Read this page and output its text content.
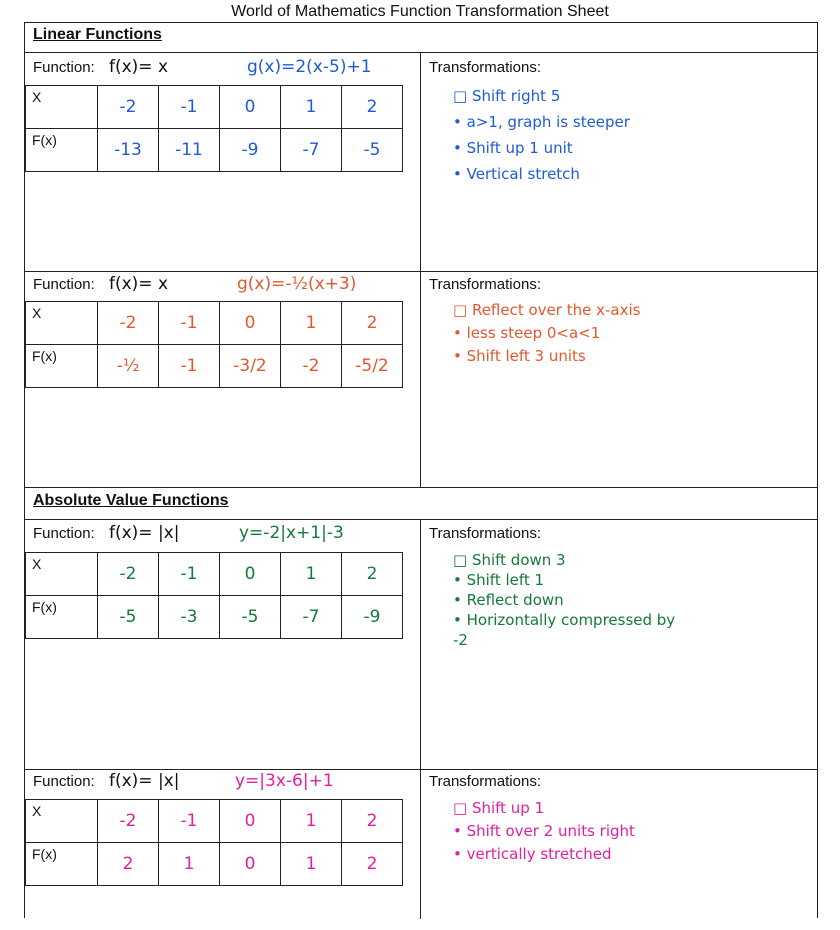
World of Mathematics Function Transformation Sheet
Linear Functions
Function: f(x)= x	g(x)=2(x-5)+1	Transformations:
X	-2	-1	0	1	2
F(x)	-13	-11	-9	-7	-5
□ Shift right 5
• a>1, graph is steeper
• Shift up 1 unit
• Vertical stretch
Function: f(x)= x	g(x)=-½(x+3)	Transformations:
X	-2	-1	0	1	2
F(x)	-½	-1	-3/2	-2	-5/2
□ Reflect over the x-axis
• less steep 0<a<1
• Shift left 3 units
Absolute Value Functions
Function: f(x)= |x|	y=-2|x+1|-3	Transformations:
X	-2	-1	0	1	2
F(x)	-5	-3	-5	-7	-9
□ Shift down 3
• Shift left 1
• Reflect down
• Horizontally compressed by
-2
Function: f(x)= |x|	y=|3x-6|+1	Transformations:
X	-2	-1	0	1	2
F(x)	2	1	0	1	2
□ Shift up 1
• Shift over 2 units right
• vertically stretched
